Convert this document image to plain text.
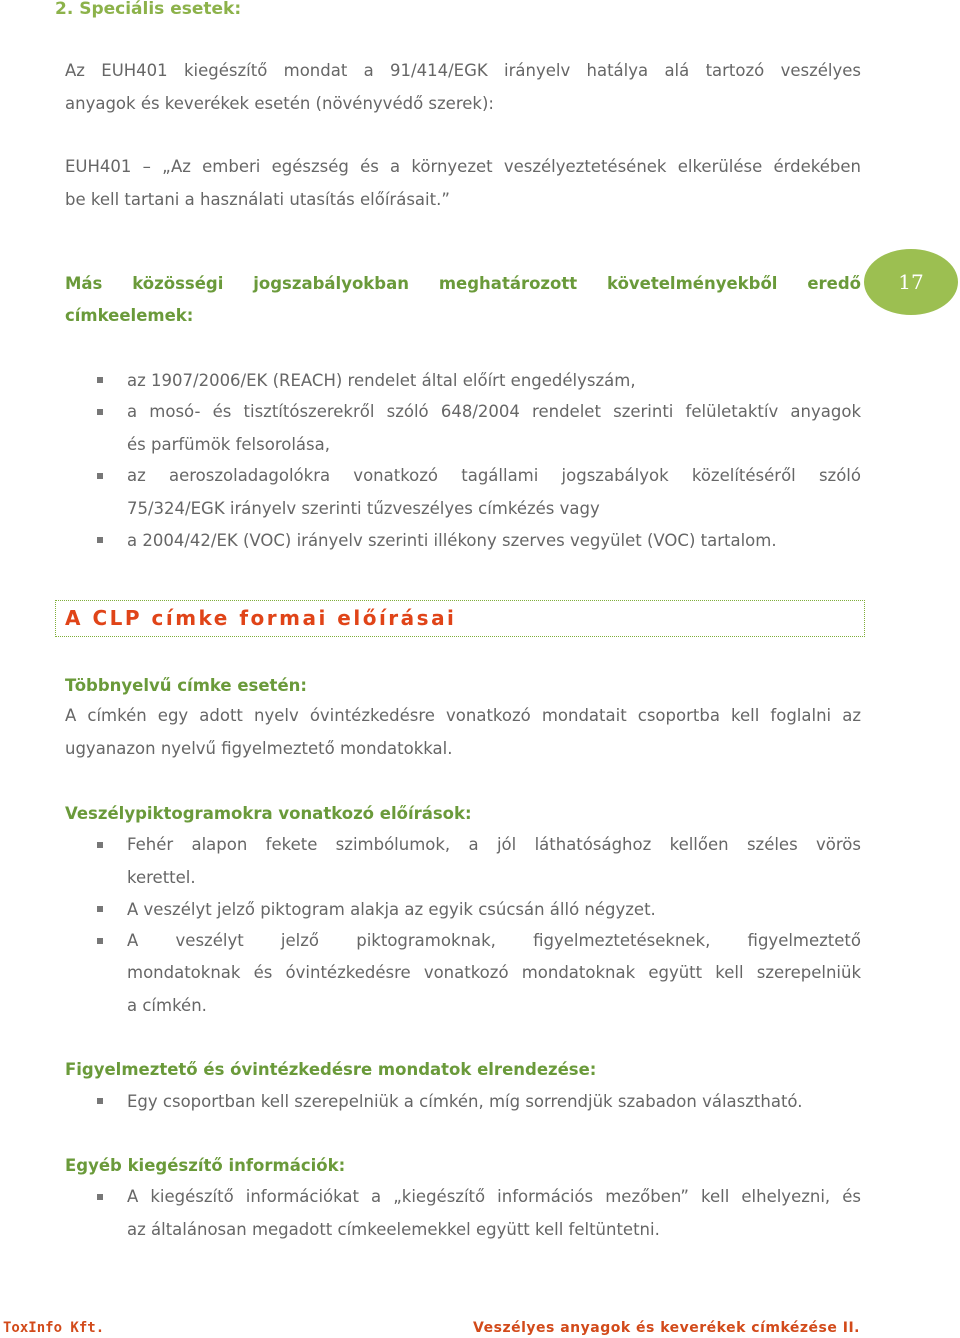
2. Speciális esetek:
Az EUH401 kiegészítő mondat a 91/414/EGK irányelv hatálya alá tartozó veszélyes
anyagok és keverékek esetén (növényvédő szerek):
EUH401 – „Az emberi egészség és a környezet veszélyeztetésének elkerülése érdekében
be kell tartani a használati utasítás előírásait.”
Más közösségi jogszabályokban meghatározott követelményekből eredő
címkeelemek:
17
az 1907/2006/EK (REACH) rendelet által előírt engedélyszám,
a mosó- és tisztítószerekről szóló 648/2004 rendelet szerinti felületaktív anyagok
és parfümök felsorolása,
az aeroszoladagolókra vonatkozó tagállami jogszabályok közelítéséről szóló
75/324/EGK irányelv szerinti tűzveszélyes címkézés vagy
a 2004/42/EK (VOC) irányelv szerinti illékony szerves vegyület (VOC) tartalom.
A CLP címke formai előírásai
Többnyelvű címke esetén:
A címkén egy adott nyelv óvintézkedésre vonatkozó mondatait csoportba kell foglalni az
ugyanazon nyelvű figyelmeztető mondatokkal.
Veszélypiktogramokra vonatkozó előírások:
Fehér alapon fekete szimbólumok, a jól láthatósághoz kellően széles vörös
kerettel.
A veszélyt jelző piktogram alakja az egyik csúcsán álló négyzet.
A veszélyt jelző piktogramoknak, figyelmeztetéseknek, figyelmeztető
mondatoknak és óvintézkedésre vonatkozó mondatoknak együtt kell szerepelniük
a címkén.
Figyelmeztető és óvintézkedésre mondatok elrendezése:
Egy csoportban kell szerepelniük a címkén, míg sorrendjük szabadon választható.
Egyéb kiegészítő információk:
A kiegészítő információkat a „kiegészítő információs mezőben” kell elhelyezni, és
az általánosan megadott címkeelemekkel együtt kell feltüntetni.
ToxInfo Kft.	Veszélyes anyagok és keverékek címkézése II.
